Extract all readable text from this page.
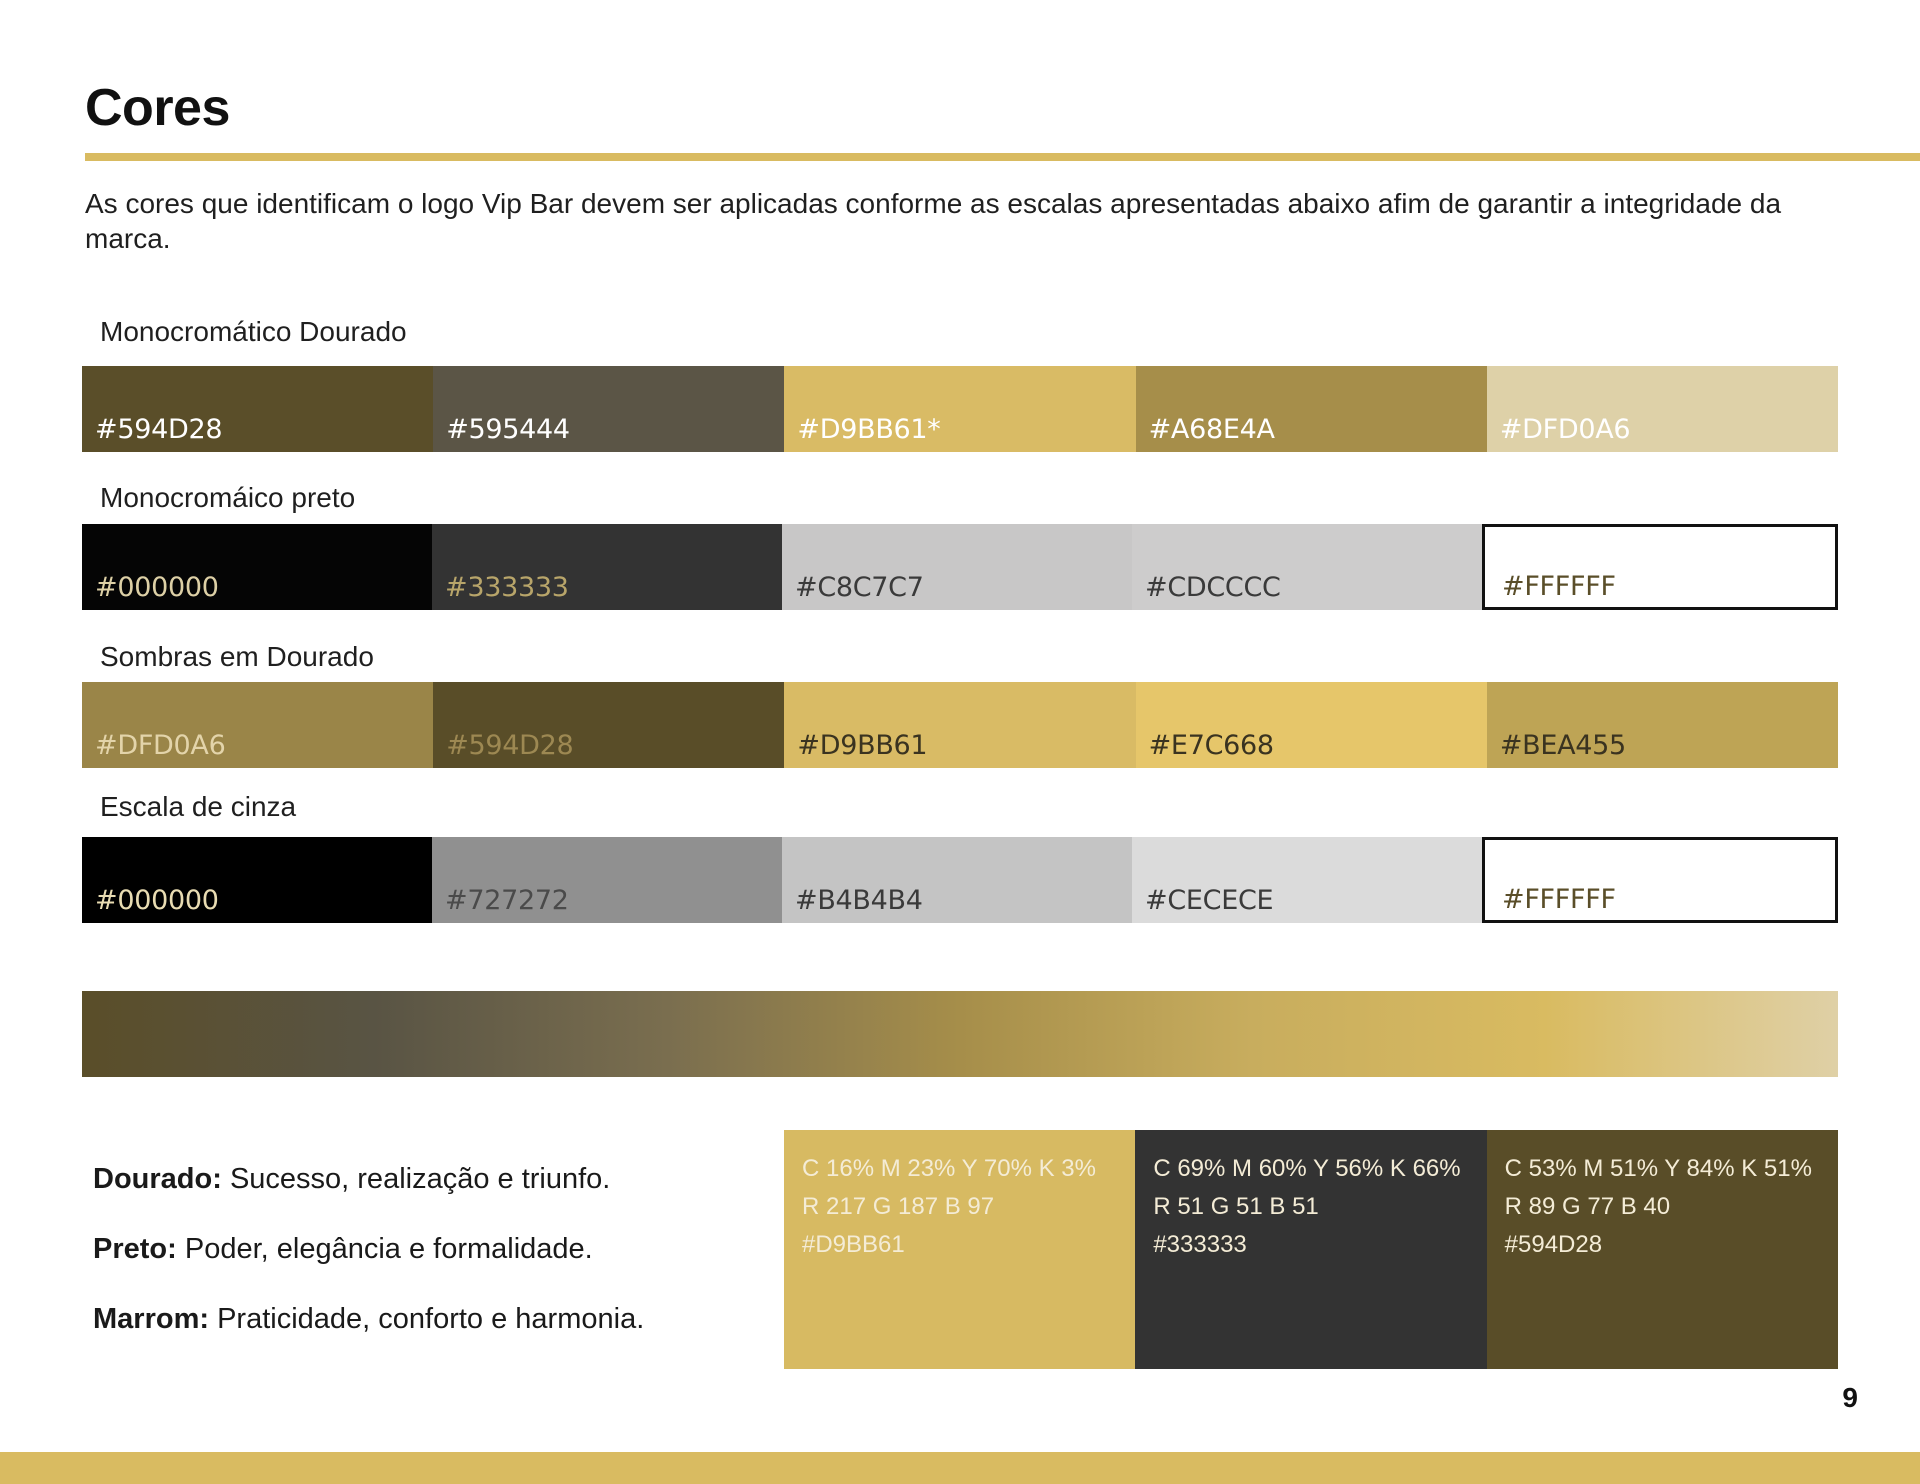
Cores
As cores que identificam o logo Vip Bar devem ser aplicadas conforme as escalas apresentadas abaixo afim de garantir a integridade da marca.
Monocromático Dourado
#594D28	#595444	#D9BB61*	#A68E4A	#DFD0A6
Monocromáico preto
#000000	#333333	#C8C7C7	#CDCCCC	#FFFFFF
Sombras em Dourado
#DFD0A6	#594D28	#D9BB61	#E7C668	#BEA455
Escala de cinza
#000000	#727272	#B4B4B4	#CECECE	#FFFFFF
Dourado: Sucesso, realização e triunfo.
Preto: Poder, elegância e formalidade.
Marrom: Praticidade, conforto e harmonia.
C 16% M 23% Y 70% K 3%
R 217 G 187 B 97
#D9BB61
C 69% M 60% Y 56% K 66%
R 51 G 51 B 51
#333333
C 53% M 51% Y 84% K 51%
R 89 G 77 B 40
#594D28
9
